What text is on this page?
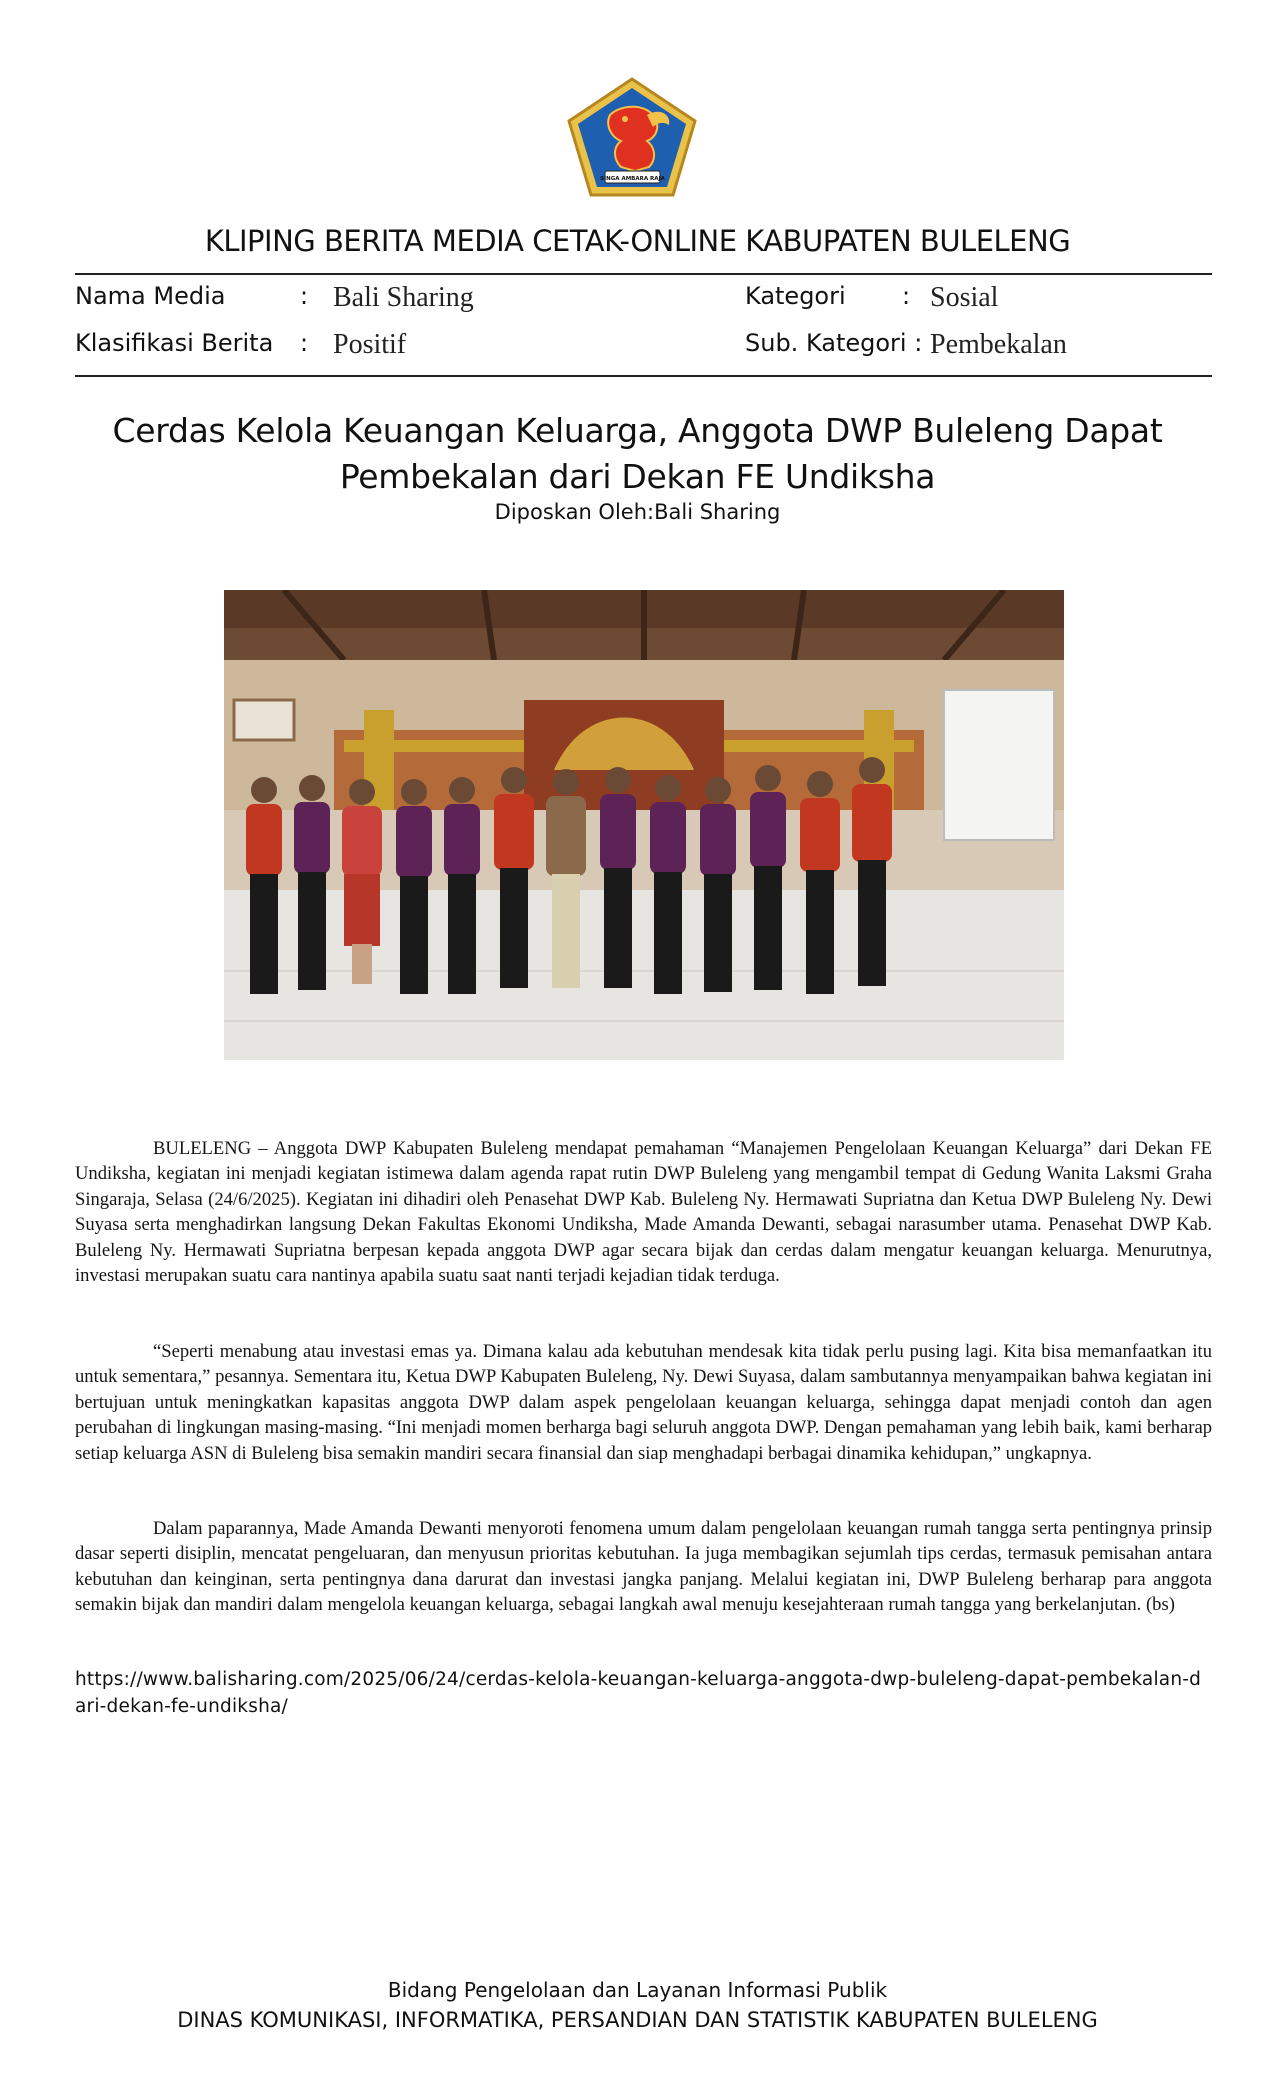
SINGA AMBARA RAJA
KLIPING BERITA MEDIA CETAK-ONLINE KABUPATEN BULELENG
Nama Media	: Bali Sharing	Kategori : Sosial
Klasifikasi Berita : Positif	Sub. Kategori : Pembekalan
Cerdas Kelola Keuangan Keluarga, Anggota DWP Buleleng Dapat Pembekalan dari Dekan FE Undiksha
Diposkan Oleh:Bali Sharing
BULELENG – Anggota DWP Kabupaten Buleleng mendapat pemahaman “Manajemen Pengelolaan Keuangan Keluarga” dari Dekan FE Undiksha, kegiatan ini menjadi kegiatan istimewa dalam agenda rapat rutin DWP Buleleng yang mengambil tempat di Gedung Wanita Laksmi Graha Singaraja, Selasa (24/6/2025). Kegiatan ini dihadiri oleh Penasehat DWP Kab. Buleleng Ny. Hermawati Supriatna dan Ketua DWP Buleleng Ny. Dewi Suyasa serta menghadirkan langsung Dekan Fakultas Ekonomi Undiksha, Made Amanda Dewanti, sebagai narasumber utama. Penasehat DWP Kab. Buleleng Ny. Hermawati Supriatna berpesan kepada anggota DWP agar secara bijak dan cerdas dalam mengatur keuangan keluarga. Menurutnya, investasi merupakan suatu cara nantinya apabila suatu saat nanti terjadi kejadian tidak terduga.
“Seperti menabung atau investasi emas ya. Dimana kalau ada kebutuhan mendesak kita tidak perlu pusing lagi. Kita bisa memanfaatkan itu untuk sementara,” pesannya. Sementara itu, Ketua DWP Kabupaten Buleleng, Ny. Dewi Suyasa, dalam sambutannya menyampaikan bahwa kegiatan ini bertujuan untuk meningkatkan kapasitas anggota DWP dalam aspek pengelolaan keuangan keluarga, sehingga dapat menjadi contoh dan agen perubahan di lingkungan masing-masing. “Ini menjadi momen berharga bagi seluruh anggota DWP. Dengan pemahaman yang lebih baik, kami berharap setiap keluarga ASN di Buleleng bisa semakin mandiri secara finansial dan siap menghadapi berbagai dinamika kehidupan,” ungkapnya.
Dalam paparannya, Made Amanda Dewanti menyoroti fenomena umum dalam pengelolaan keuangan rumah tangga serta pentingnya prinsip dasar seperti disiplin, mencatat pengeluaran, dan menyusun prioritas kebutuhan. Ia juga membagikan sejumlah tips cerdas, termasuk pemisahan antara kebutuhan dan keinginan, serta pentingnya dana darurat dan investasi jangka panjang. Melalui kegiatan ini, DWP Buleleng berharap para anggota semakin bijak dan mandiri dalam mengelola keuangan keluarga, sebagai langkah awal menuju kesejahteraan rumah tangga yang berkelanjutan. (bs)
https://www.balisharing.com/2025/06/24/cerdas-kelola-keuangan-keluarga-anggota-dwp-buleleng-dapat-pembekalan-dari-dekan-fe-undiksha/
Bidang Pengelolaan dan Layanan Informasi Publik
DINAS KOMUNIKASI, INFORMATIKA, PERSANDIAN DAN STATISTIK KABUPATEN BULELENG
